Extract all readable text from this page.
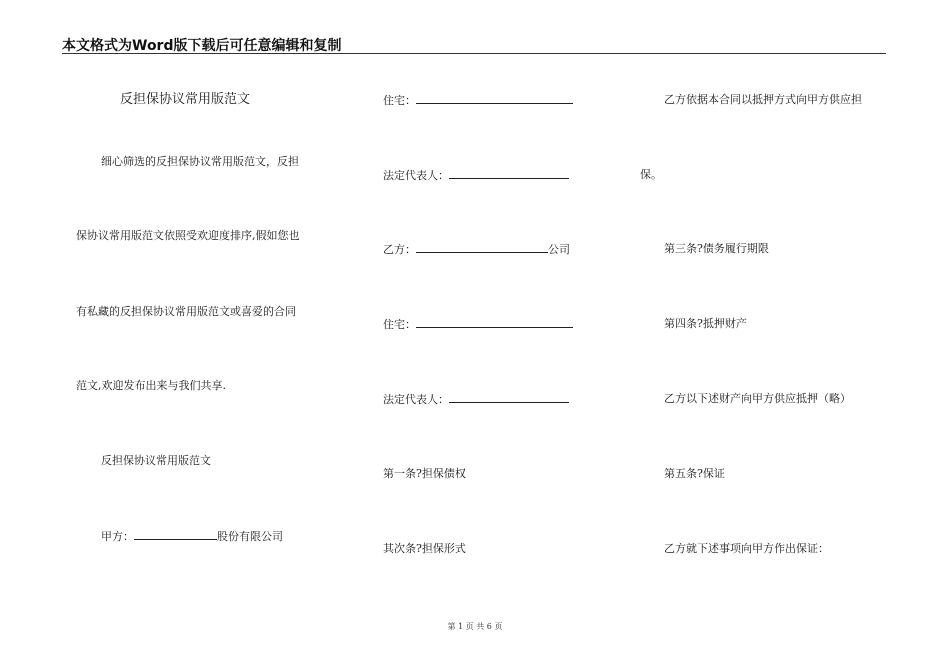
本文格式为Word版下载后可任意编辑和复制
反担保协议常用版范文
细心筛选的反担保协议常用版范文，反担
保协议常用版范文依照受欢迎度排序,假如您也
有私藏的反担保协议常用版范文或喜爱的合同
范文,欢迎发布出来与我们共享.
反担保协议常用版范文
甲方：	股份有限公司
住宅：
法定代表人：
乙方：	公司
住宅：
法定代表人：
第一条?担保债权
其次条?担保形式
乙方依据本合同以抵押方式向甲方供应担
保。
第三条?债务履行期限
第四条?抵押财产
乙方以下述财产向甲方供应抵押（略）
第五条?保证
乙方就下述事项向甲方作出保证：
第 1 页 共 6 页
